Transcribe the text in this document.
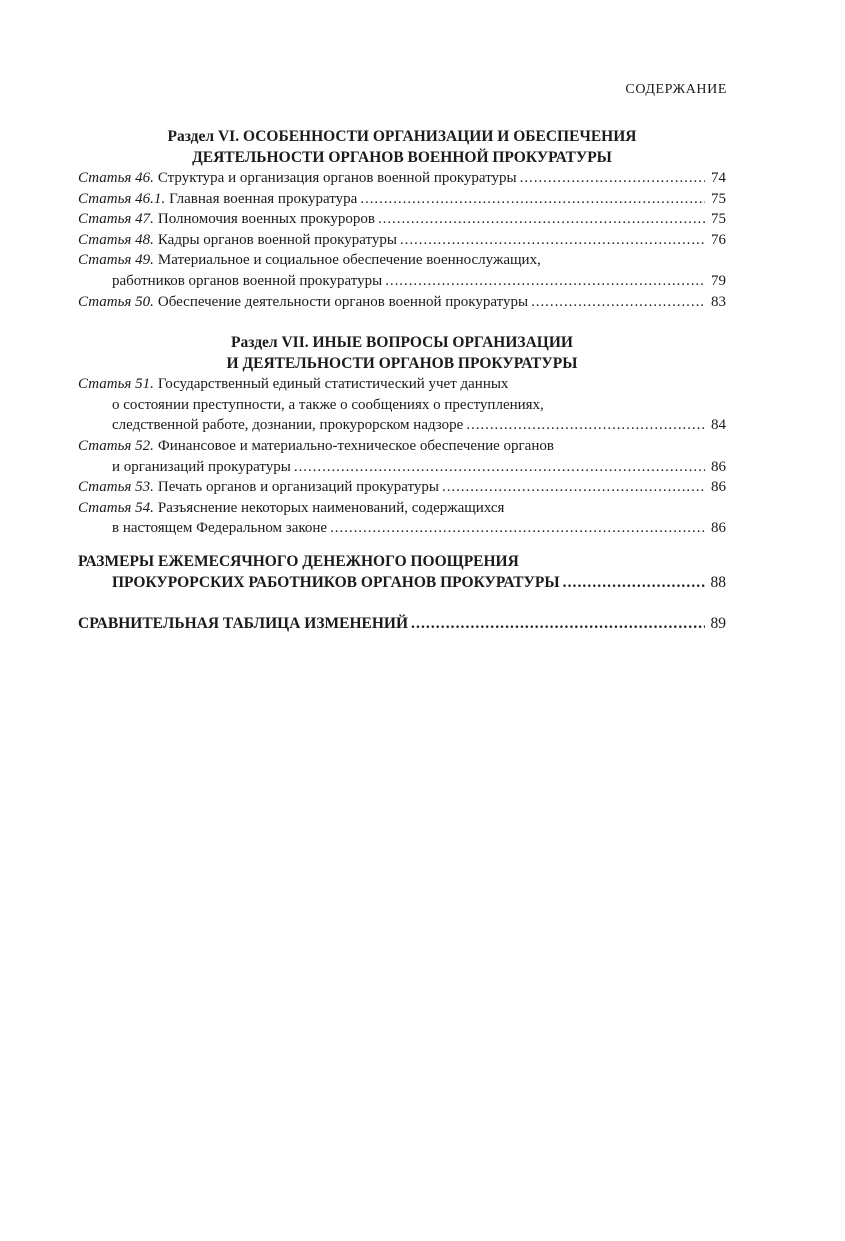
СОДЕРЖАНИЕ
Раздел VI. ОСОБЕННОСТИ ОРГАНИЗАЦИИ И ОБЕСПЕЧЕНИЯ
ДЕЯТЕЛЬНОСТИ ОРГАНОВ ВОЕННОЙ ПРОКУРАТУРЫ
Статья 46. Структура и организация органов военной прокуратуры . . .	74
Статья 46.1. Главная военная прокуратура . . .	75
Статья 47. Полномочия военных прокуроров . . .	75
Статья 48. Кадры органов военной прокуратуры . . .	76
Статья 49. Материальное и социальное обеспечение военнослужащих,
работников органов военной прокуратуры . . .	79
Статья 50. Обеспечение деятельности органов военной прокуратуры . . .	83
Раздел VII. ИНЫЕ ВОПРОСЫ ОРГАНИЗАЦИИ
И ДЕЯТЕЛЬНОСТИ ОРГАНОВ ПРОКУРАТУРЫ
Статья 51. Государственный единый статистический учет данных
о состоянии преступности, а также о сообщениях о преступлениях,
следственной работе, дознании, прокурорском надзоре . . .	84
Статья 52. Финансовое и материально-техническое обеспечение органов
и организаций прокуратуры . . .	86
Статья 53. Печать органов и организаций прокуратуры . . .	86
Статья 54. Разъяснение некоторых наименований, содержащихся
в настоящем Федеральном законе . . .	86
РАЗМЕРЫ ЕЖЕМЕСЯЧНОГО ДЕНЕЖНОГО ПООЩРЕНИЯ
ПРОКУРОРСКИХ РАБОТНИКОВ ОРГАНОВ ПРОКУРАТУРЫ . . .	88
СРАВНИТЕЛЬНАЯ ТАБЛИЦА ИЗМЕНЕНИЙ . . .	89
